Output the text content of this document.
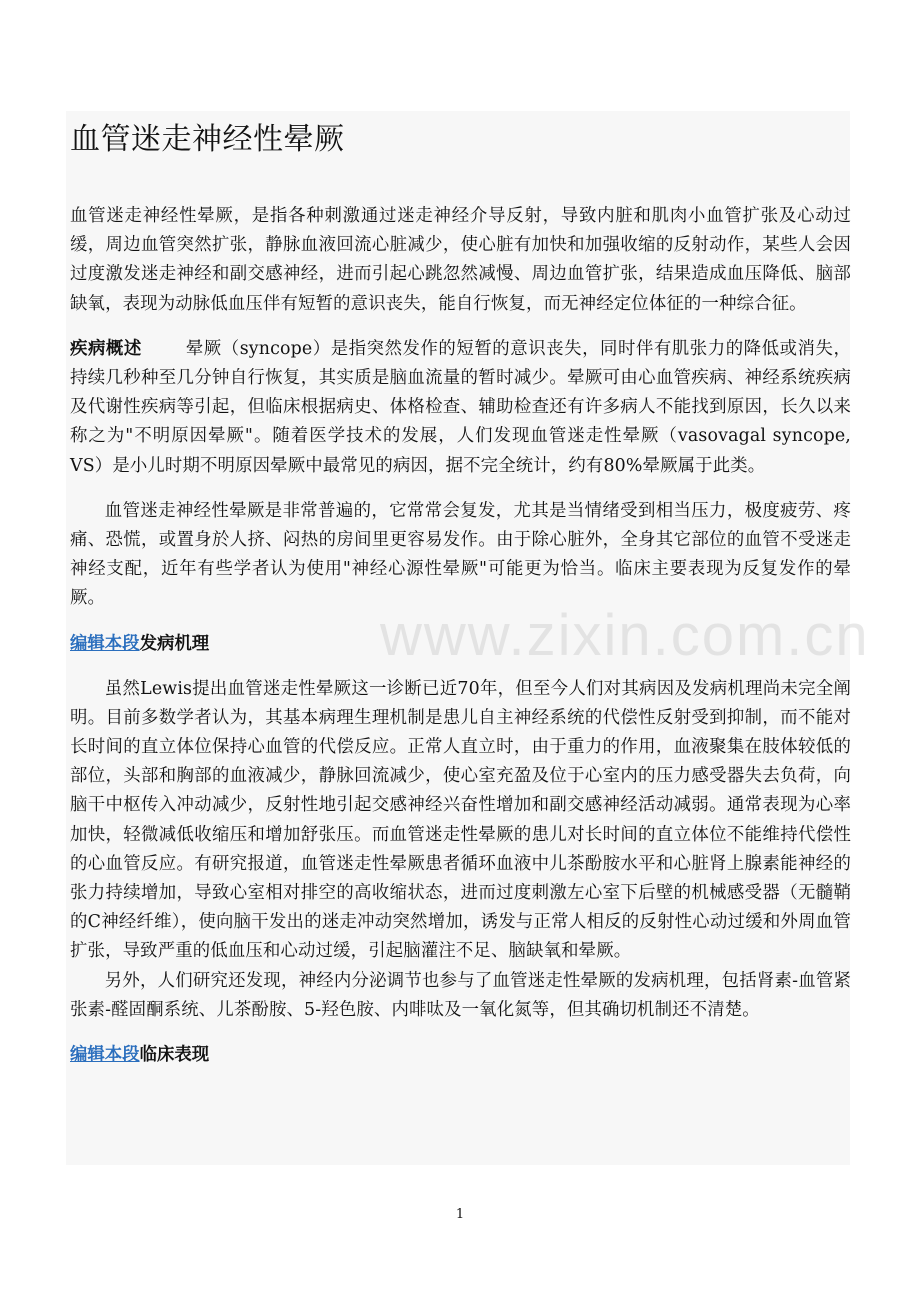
www.zixin.com.cn
血管迷走神经性晕厥

血管迷走神经性晕厥，是指各种刺激通过迷走神经介导反射，导致内脏和肌肉小血管扩张及心动过缓，周边血管突然扩张，静脉血液回流心脏减少，使心脏有加快和加强收缩的反射动作，某些人会因过度激发迷走神经和副交感神经，进而引起心跳忽然减慢、周边血管扩张，结果造成血压降低、脑部缺氧，表现为动脉低血压伴有短暂的意识丧失，能自行恢复，而无神经定位体征的一种综合征。

疾病概述	晕厥（syncope）是指突然发作的短暂的意识丧失，同时伴有肌张力的降低或消失，持续几秒种至几分钟自行恢复，其实质是脑血流量的暂时减少。晕厥可由心血管疾病、神经系统疾病及代谢性疾病等引起，但临床根据病史、体格检查、辅助检查还有许多病人不能找到原因，长久以来称之为"不明原因晕厥"。随着医学技术的发展，人们发现血管迷走性晕厥（vasovagal syncope, VS）是小儿时期不明原因晕厥中最常见的病因，据不完全统计，约有80%晕厥属于此类。

血管迷走神经性晕厥是非常普遍的，它常常会复发，尤其是当情绪受到相当压力，极度疲劳、疼痛、恐慌，或置身於人挤、闷热的房间里更容易发作。由于除心脏外，全身其它部位的血管不受迷走神经支配，近年有些学者认为使用"神经心源性晕厥"可能更为恰当。临床主要表现为反复发作的晕厥。

编辑本段发病机理

虽然Lewis提出血管迷走性晕厥这一诊断已近70年，但至今人们对其病因及发病机理尚未完全阐明。目前多数学者认为，其基本病理生理机制是患儿自主神经系统的代偿性反射受到抑制，而不能对长时间的直立体位保持心血管的代偿反应。正常人直立时，由于重力的作用，血液聚集在肢体较低的部位，头部和胸部的血液减少，静脉回流减少，使心室充盈及位于心室内的压力感受器失去负荷，向脑干中枢传入冲动减少，反射性地引起交感神经兴奋性增加和副交感神经活动减弱。通常表现为心率加快，轻微减低收缩压和增加舒张压。而血管迷走性晕厥的患儿对长时间的直立体位不能维持代偿性的心血管反应。有研究报道，血管迷走性晕厥患者循环血液中儿茶酚胺水平和心脏肾上腺素能神经的张力持续增加，导致心室相对排空的高收缩状态，进而过度刺激左心室下后壁的机械感受器（无髓鞘的C神经纤维），使向脑干发出的迷走冲动突然增加，诱发与正常人相反的反射性心动过缓和外周血管扩张，导致严重的低血压和心动过缓，引起脑灌注不足、脑缺氧和晕厥。

另外，人们研究还发现，神经内分泌调节也参与了血管迷走性晕厥的发病机理，包括肾素-血管紧张素-醛固酮系统、儿茶酚胺、5-羟色胺、内啡呔及一氧化氮等，但其确切机制还不清楚。

编辑本段临床表现
1
